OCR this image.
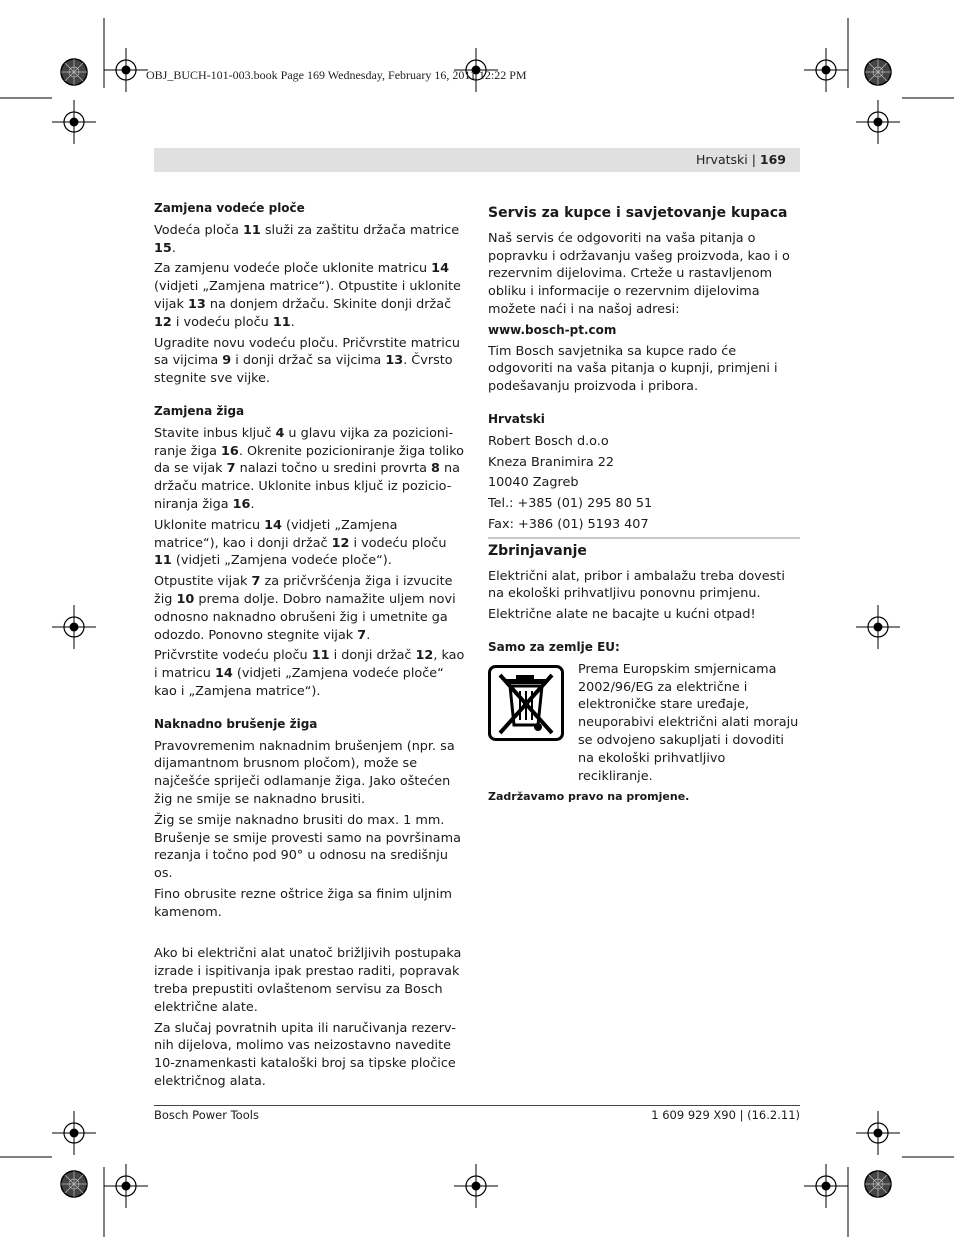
OBJ_BUCH-101-003.book Page 169 Wednesday, February 16, 2011 12:22 PM
Hrvatski | 169
Zamjena vodeće ploče

Vodeća ploča 11 služi za zaštitu držača matrice 15.

Za zamjenu vodeće ploče uklonite matricu 14 (vidjeti „Zamjena matrice“). Otpustite i uklonite vijak 13 na donjem držaču. Skinite donji držač 12 i vodeću ploču 11.

Ugradite novu vodeću ploču. Pričvrstite matricu sa vijcima 9 i donji držač sa vijcima 13. Čvrsto stegnite sve vijke.

Zamjena žiga

Stavite inbus ključ 4 u glavu vijka za pozicioni-ranje žiga 16. Okrenite pozicioniranje žiga toliko da se vijak 7 nalazi točno u sredini provrta 8 na držaču matrice. Uklonite inbus ključ iz pozicio-niranja žiga 16.

Uklonite matricu 14 (vidjeti „Zamjena matrice“), kao i donji držač 12 i vodeću ploču 11 (vidjeti „Zamjena vodeće ploče“).

Otpustite vijak 7 za pričvršćenja žiga i izvucite žig 10 prema dolje. Dobro namažite uljem novi odnosno naknadno obrušeni žig i umetnite ga odozdo. Ponovno stegnite vijak 7.

Pričvrstite vodeću ploču 11 i donji držač 12, kao i matricu 14 (vidjeti „Zamjena vodeće ploče“ kao i „Zamjena matrice“).

Naknadno brušenje žiga

Pravovremenim naknadnim brušenjem (npr. sa dijamantnom brusnom pločom), može se najčešće spriječi odlamanje žiga. Jako oštećen žig ne smije se naknadno brusiti.

Žig se smije naknadno brusiti do max. 1 mm. Brušenje se smije provesti samo na površinama rezanja i točno pod 90° u odnosu na središnju os.

Fino obrusite rezne oštrice žiga sa finim uljnim kamenom.

Ako bi električni alat unatoč brižljivih postupaka izrade i ispitivanja ipak prestao raditi, popravak treba prepustiti ovlaštenom servisu za Bosch električne alate.

Za slučaj povratnih upita ili naručivanja rezerv-nih dijelova, molimo vas neizostavno navedite 10-znamenkasti kataloški broj sa tipske pločice električnog alata.

Servis za kupce i savjetovanje kupaca

Naš servis će odgovoriti na vaša pitanja o popravku i održavanju vašeg proizvoda, kao i o rezervnim dijelovima. Crteže u rastavljenom obliku i informacije o rezervnim dijelovima možete naći i na našoj adresi:

www.bosch-pt.com

Tim Bosch savjetnika sa kupce rado će odgovoriti na vaša pitanja o kupnji, primjeni i podešavanju proizvoda i pribora.

Hrvatski

Robert Bosch d.o.o

Kneza Branimira 22

10040 Zagreb

Tel.: +385 (01) 295 80 51

Fax: +386 (01) 5193 407

Zbrinjavanje

Električni alat, pribor i ambalažu treba dovesti na ekološki prihvatljivu ponovnu primjenu.

Električne alate ne bacajte u kućni otpad!

Samo za zemlje EU:

Prema Europskim smjernicama 2002/96/EG za električne i elektroničke stare uređaje, neuporabivi električni alati moraju se odvojeno sakupljati i dovoditi na ekološki prihvatljivo recikliranje.

Zadržavamo pravo na promjene.

Bosch Power Tools	1 609 929 X90 | (16.2.11)
